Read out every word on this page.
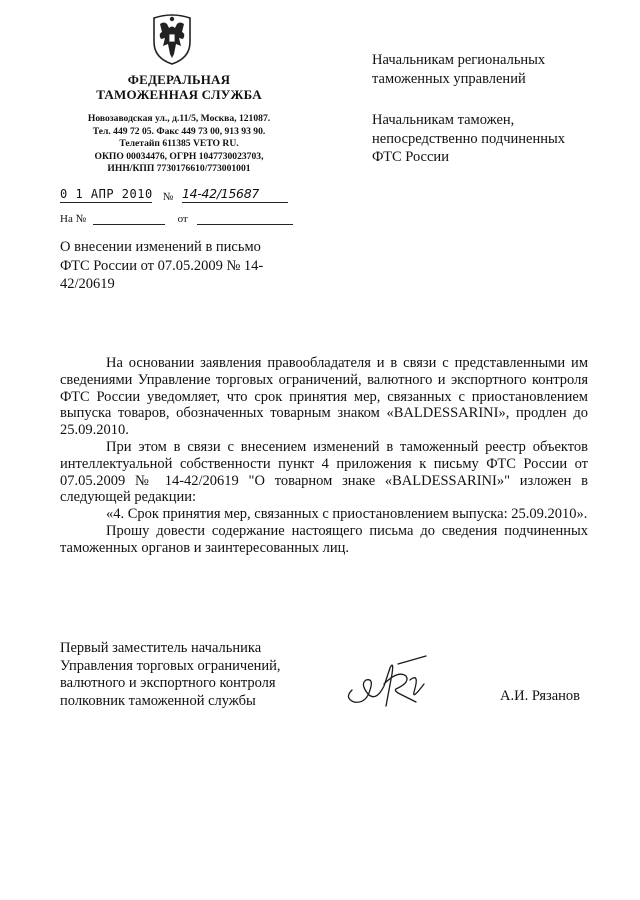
ФЕДЕРАЛЬНАЯ
ТАМОЖЕННАЯ СЛУЖБА
Новозаводская ул., д.11/5, Москва, 121087.
Тел. 449 72 05. Факс 449 73 00, 913 93 90.
Телетайп 611385 VETO RU.
ОКПО 00034476, ОГРН 1047730023703,
ИНН/КПП 7730176610/773001001
0 1 АПР 2010 № 14-42/15687
На №	от
Начальникам региональных таможенных управлений
Начальникам таможен, непосредственно подчиненных ФТС России
О внесении изменений в письмо ФТС России от 07.05.2009 № 14-42/20619

На основании заявления правообладателя и в связи с представленными им сведениями Управление торговых ограничений, валютного и экспортного контроля ФТС России уведомляет, что срок принятия мер, связанных с приостановлением выпуска товаров, обозначенных товарным знаком «BALDESSARINI», продлен до 25.09.2010.

При этом в связи с внесением изменений в таможенный реестр объектов интеллектуальной собственности пункт 4 приложения к письму ФТС России от 07.05.2009 № 14-42/20619 "О товарном знаке «BALDESSARINI»" изложен в следующей редакции:

«4. Срок принятия мер, связанных с приостановлением выпуска: 25.09.2010».

Прошу довести содержание настоящего письма до сведения подчиненных таможенных органов и заинтересованных лиц.

Первый заместитель начальника
Управления торговых ограничений,
валютного и экспортного контроля
полковник таможенной службы	А.И. Рязанов
